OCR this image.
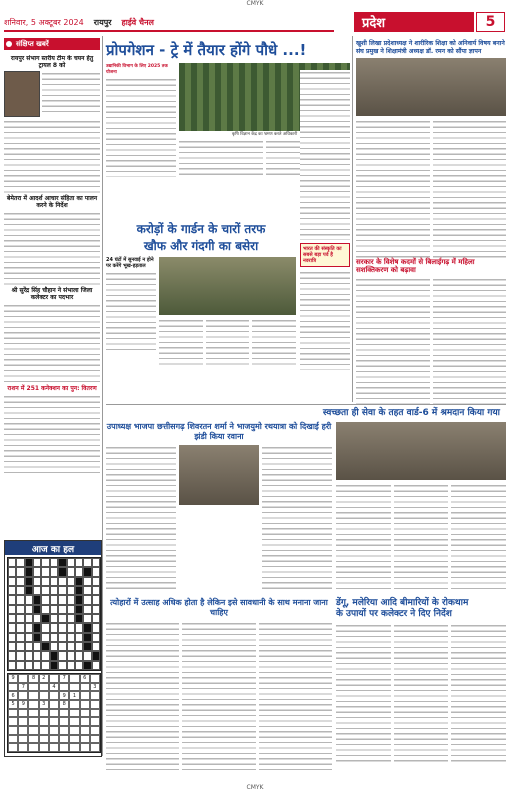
CMYK
शनिवार, 5 अक्टूबर 2024 रायपुर हाईवे चैनल	प्रदेश	5
संक्षिप्त खबरें
रायपुर संभाग स्तरीय टीम के चयन हेतु ट्रायल 8 को
बेमेतरा में आदर्श आचार संहिता का पालन करने के निर्देश
श्री सुरेंद्र सिंह चौहान ने संभाला जिला कलेक्टर का पदभार
राशन में 251 कनेक्शन का पुन: वितरण
आज का हल
9	8	2	7	6
7	4	3
6	9	1
5	9	3	8
प्रोपगेशन - ट्रे में तैयार होंगे पौधे ...!
उद्यानिकी विभाग के लिए 2025 तक योजना
कृषि विज्ञान केंद्र का भ्रमण करते अधिकारी
भारत की संस्कृति का सबसे बड़ा पर्व है नवरात्रि
करोड़ों के गार्डन के चारों तरफ
खौफ और गंदगी का बसेरा
24 घंटों में सुनवाई न होने पर करेंगे भूख-हड़ताल
खुशी लिखा प्रदेशाध्यक्ष ने शारीरिक शिक्षा को अनिवार्य विषय बनाने संघ प्रमुख ने शिक्षामंत्री अध्यक्ष डॉ. रमन को सौंपा ज्ञापन
सरकार के विशेष कदमों से बिलाईगढ़ में महिला सशक्तिकरण को बढ़ावा
स्वच्छता ही सेवा के तहत वार्ड-6 में श्रमदान किया गया
उपाध्यक्ष भाजपा छत्तीसगढ़ शिवरतन शर्मा ने भाजयुमो रथयात्रा को दिखाई हरी झंडी किया रवाना
त्योहारों में उत्साह अधिक होता है लेकिन इसे सावधानी के साथ मनाना जाना चाहिए
डेंगू, मलेरिया आदि बीमारियों के रोकथाम
के उपायों पर कलेक्टर ने दिए निर्देश
CMYK
